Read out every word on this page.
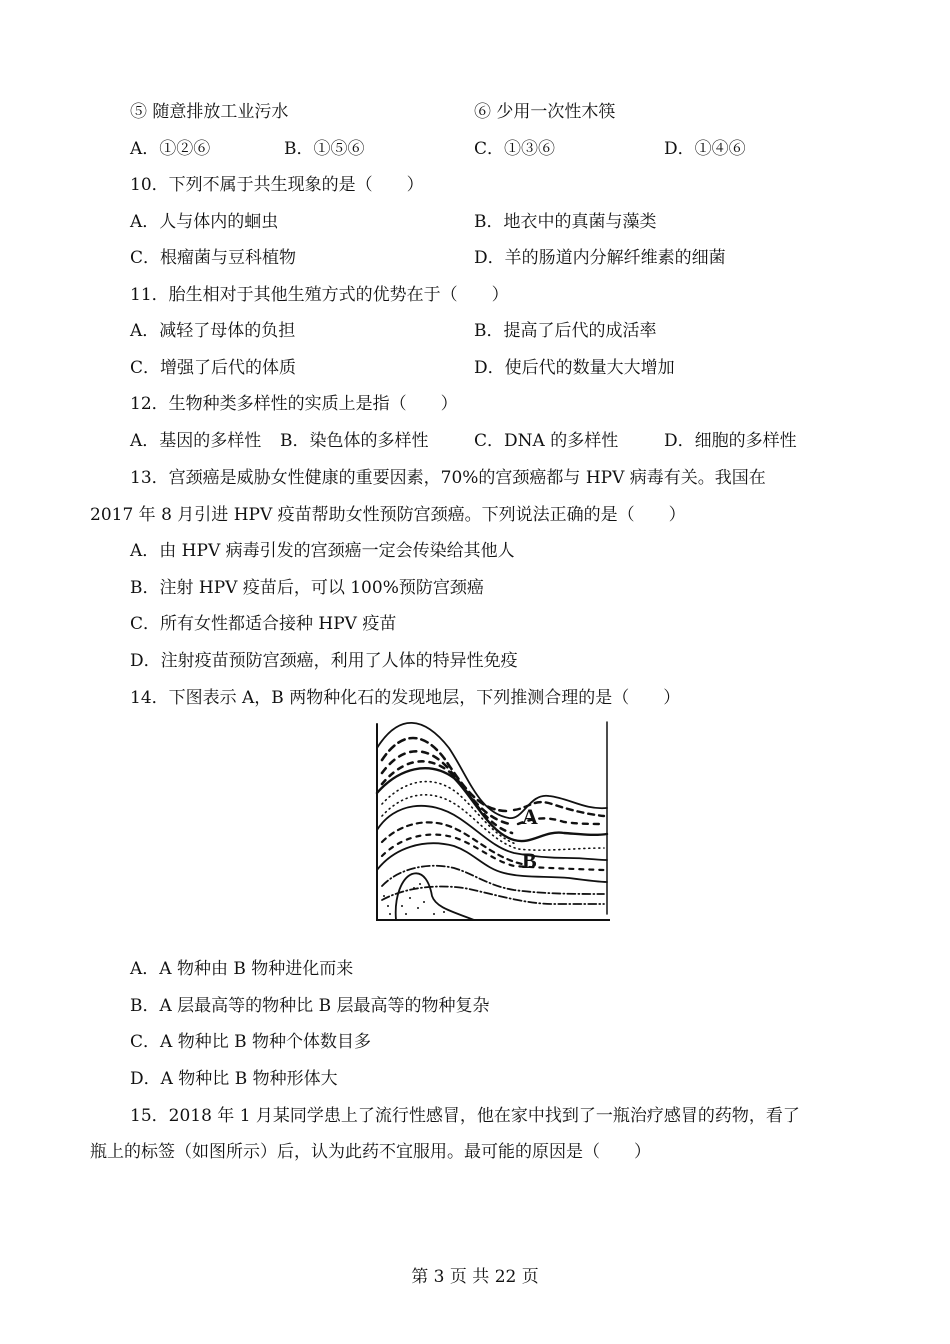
⑤ 随意排放工业污水	⑥ 少用一次性木筷
A．①②⑥	B．①⑤⑥	C．①③⑥	D．①④⑥
10．下列不属于共生现象的是（　　）
A．人与体内的蛔虫	B．地衣中的真菌与藻类
C．根瘤菌与豆科植物	D．羊的肠道内分解纤维素的细菌
11．胎生相对于其他生殖方式的优势在于（　　）
A．减轻了母体的负担	B．提高了后代的成活率
C．增强了后代的体质	D．使后代的数量大大增加
12．生物种类多样性的实质上是指（　　）
A．基因的多样性 B．染色体的多样性	C．DNA 的多样性	D．细胞的多样性
13．宫颈癌是威胁女性健康的重要因素，70%的宫颈癌都与 HPV 病毒有关。我国在
2017 年 8 月引进 HPV 疫苗帮助女性预防宫颈癌。下列说法正确的是（　　）
A．由 HPV 病毒引发的宫颈癌一定会传染给其他人
B．注射 HPV 疫苗后，可以 100%预防宫颈癌
C．所有女性都适合接种 HPV 疫苗
D．注射疫苗预防宫颈癌，利用了人体的特异性免疫
14．下图表示 A，B 两物种化石的发现地层，下列推测合理的是（　　）
A
B
A．A 物种由 B 物种进化而来
B．A 层最高等的物种比 B 层最高等的物种复杂
C．A 物种比 B 物种个体数目多
D．A 物种比 B 物种形体大
15．2018 年 1 月某同学患上了流行性感冒，他在家中找到了一瓶治疗感冒的药物，看了
瓶上的标签（如图所示）后，认为此药不宜服用。最可能的原因是（　　）
第 3 页 共 22 页
